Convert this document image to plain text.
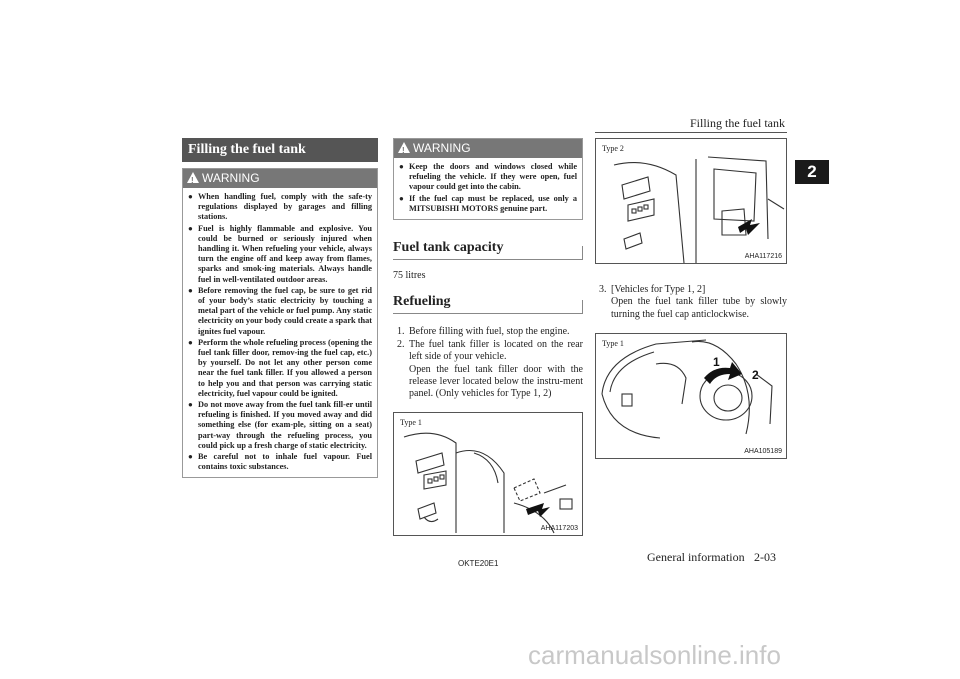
Filling the fuel tank
2
Filling the fuel tank
!WARNING
● When handling fuel, comply with the safe-ty regulations displayed by garages and filling stations.
● Fuel is highly flammable and explosive. You could be burned or seriously injured when handling it. When refueling your vehicle, always turn the engine off and keep away from flames, sparks and smok-ing materials. Always handle fuel in well-ventilated outdoor areas.
● Before removing the fuel cap, be sure to get rid of your body’s static electricity by touching a metal part of the vehicle or fuel pump. Any static electricity on your body could create a spark that ignites fuel vapour.
● Perform the whole refueling process (opening the fuel tank filler door, remov-ing the fuel cap, etc.) by yourself. Do not let any other person come near the fuel tank filler. If you allowed a person to help you and that person was carrying static electricity, fuel vapour could be ignited.
● Do not move away from the fuel tank fill-er until refueling is finished. If you moved away and did something else (for exam-ple, sitting on a seat) part-way through the refueling process, you could pick up a fresh charge of static electricity.
● Be careful not to inhale fuel vapour. Fuel contains toxic substances.
!WARNING
● Keep the doors and windows closed while refueling the vehicle. If they were open, fuel vapour could get into the cabin.
● If the fuel cap must be replaced, use only a MITSUBISHI MOTORS genuine part.
Fuel tank capacity
75 litres
Refueling
1. Before filling with fuel, stop the engine.
2. The fuel tank filler is located on the rear left side of your vehicle.
Open the fuel tank filler door with the release lever located below the instru-ment panel. (Only vehicles for Type 1, 2)
Type 1
AHA117203
Type 2
AHA117216
3. [Vehicles for Type 1, 2]
Open the fuel tank filler tube by slowly turning the fuel cap anticlockwise.
Type 1
1
2
AHA105189
OKTE20E1	General information 2-03
carmanualsonline.info
